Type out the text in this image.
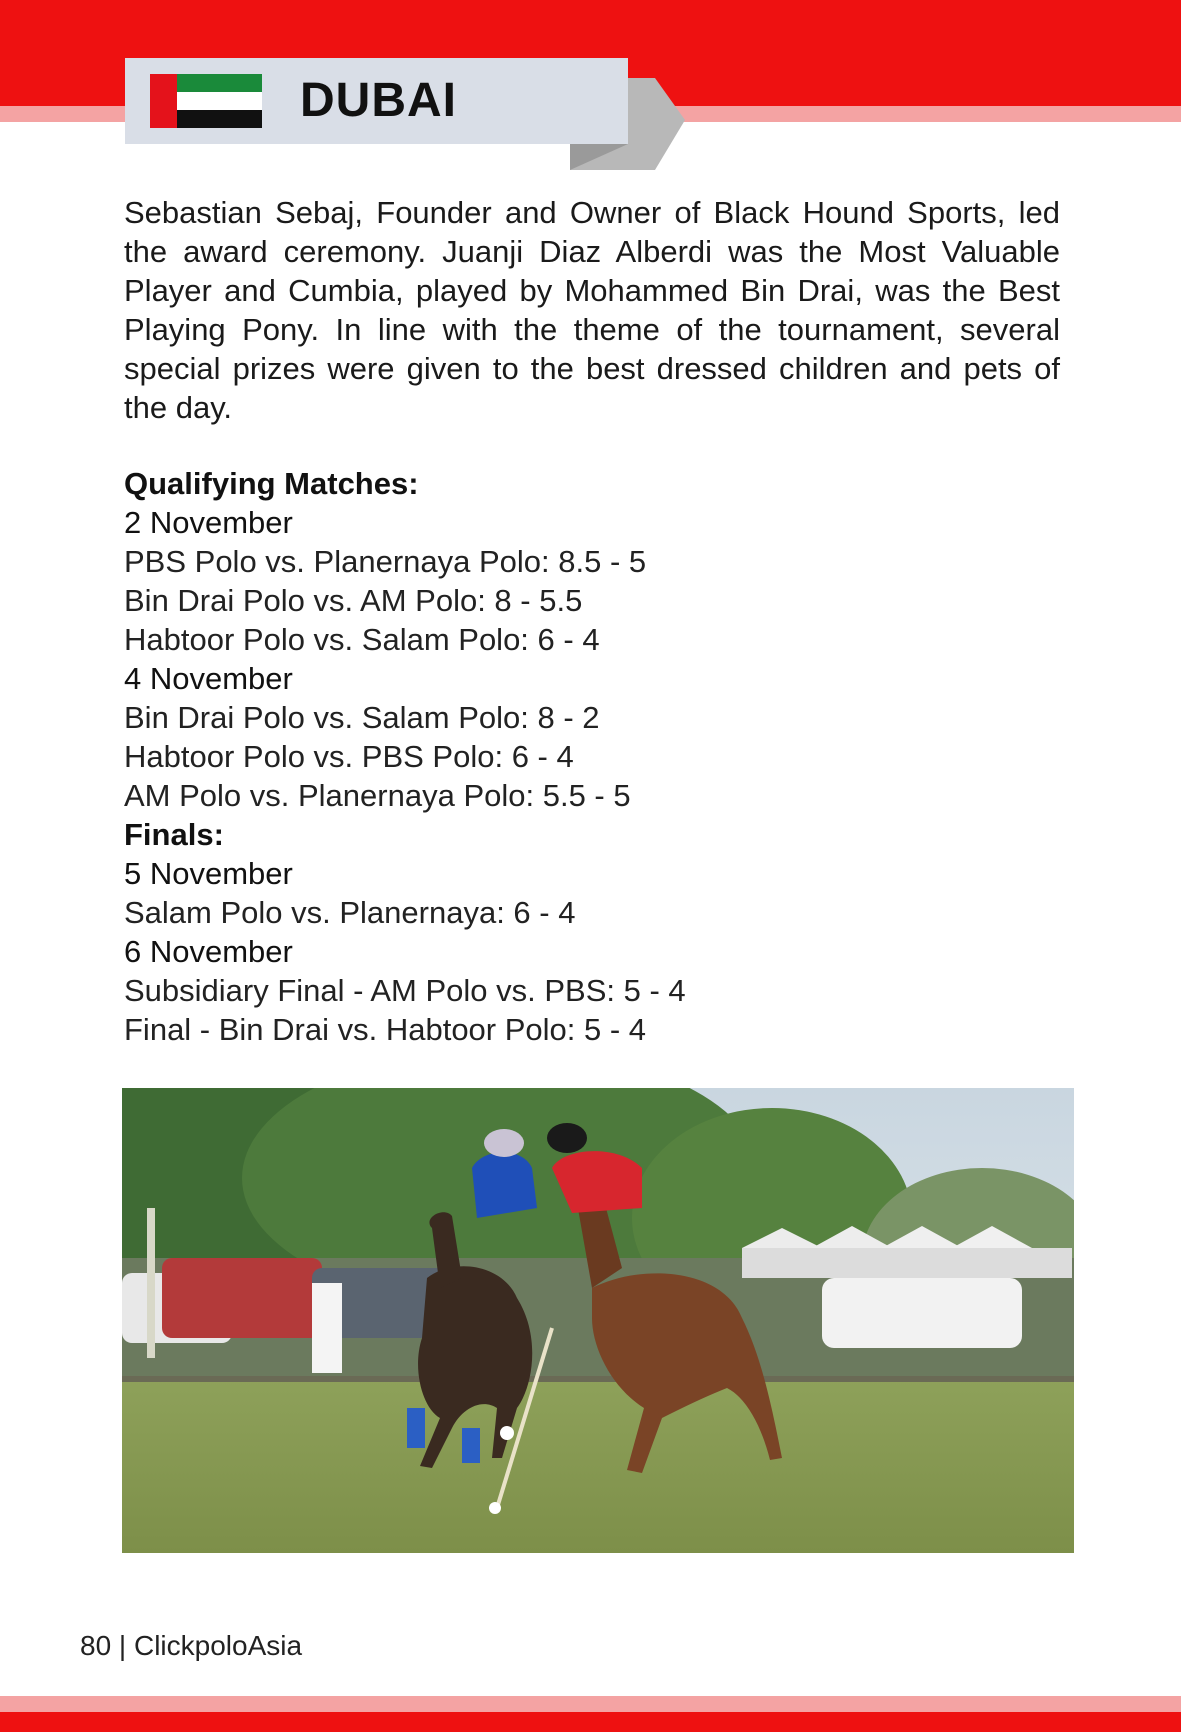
DUBAI

Sebastian Sebaj, Founder and Owner of Black Hound Sports, led the award ceremony. Juanji Diaz Alberdi was the Most Valuable Player and Cumbia, played by Mohammed Bin Drai, was the Best Playing Pony. In line with the theme of the tournament, several special prizes were given to the best dressed children and pets of the day.

Qualifying Matches:
2 November
PBS Polo vs. Planernaya Polo: 8.5 - 5
Bin Drai Polo vs. AM Polo: 8 - 5.5
Habtoor Polo vs. Salam Polo: 6 - 4
4 November
Bin Drai Polo vs. Salam Polo: 8 - 2
Habtoor Polo vs. PBS Polo: 6 - 4
AM Polo vs. Planernaya Polo: 5.5 - 5
Finals:
5 November
Salam Polo vs. Planernaya: 6 - 4
6 November
Subsidiary Final - AM Polo vs. PBS: 5 - 4
Final - Bin Drai vs. Habtoor Polo: 5 - 4
80 | ClickpoloAsia
